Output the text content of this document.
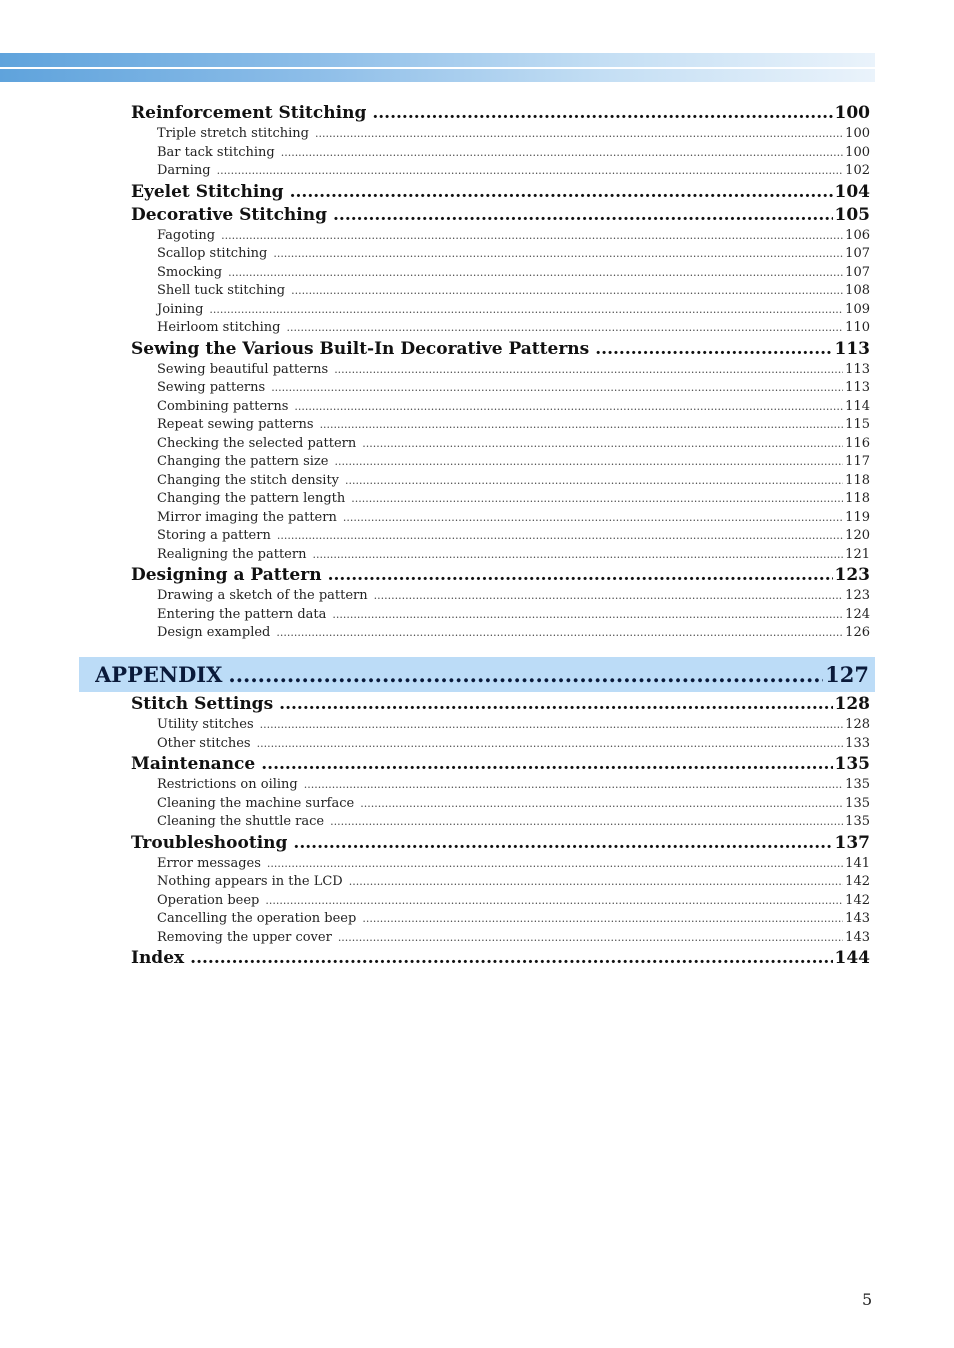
Reinforcement Stitching .....	100
Triple stretch stitching .....	100
Bar tack stitching .....	100
Darning .....	102
Eyelet Stitching .....	104
Decorative Stitching .....	105
Fagoting .....	106
Scallop stitching .....	107
Smocking .....	107
Shell tuck stitching .....	108
Joining .....	109
Heirloom stitching .....	110
Sewing the Various Built-In Decorative Patterns .....	113
Sewing beautiful patterns .....	113
Sewing patterns .....	113
Combining patterns .....	114
Repeat sewing patterns .....	115
Checking the selected pattern .....	116
Changing the pattern size .....	117
Changing the stitch density .....	118
Changing the pattern length .....	118
Mirror imaging the pattern .....	119
Storing a pattern .....	120
Realigning the pattern .....	121
Designing a Pattern .....	123
Drawing a sketch of the pattern .....	123
Entering the pattern data .....	124
Design exampled .....	126
APPENDIX .....	127
Stitch Settings .....	128
Utility stitches .....	128
Other stitches .....	133
Maintenance .....	135
Restrictions on oiling .....	135
Cleaning the machine surface .....	135
Cleaning the shuttle race .....	135
Troubleshooting .....	137
Error messages .....	141
Nothing appears in the LCD .....	142
Operation beep .....	142
Cancelling the operation beep .....	143
Removing the upper cover .....	143
Index .....	144
5
